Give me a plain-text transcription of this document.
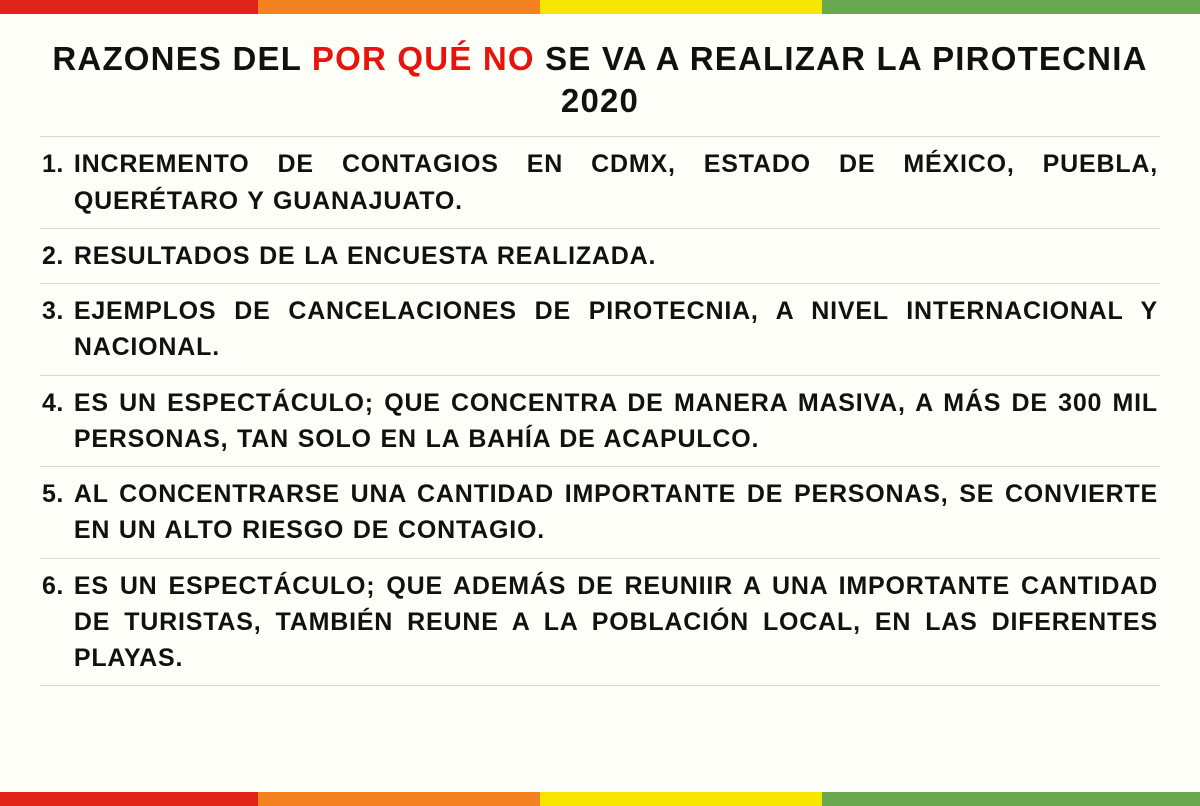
RAZONES DEL POR QUÉ NO SE VA A REALIZAR LA PIROTECNIA 2020
1. INCREMENTO DE CONTAGIOS EN CDMX, ESTADO DE MÉXICO, PUEBLA, QUERÉTARO Y GUANAJUATO.
2. RESULTADOS DE LA ENCUESTA REALIZADA.
3. EJEMPLOS DE CANCELACIONES DE PIROTECNIA, A NIVEL INTERNACIONAL Y NACIONAL.
4. ES UN ESPECTÁCULO; QUE CONCENTRA DE MANERA MASIVA, A MÁS DE 300 MIL PERSONAS, TAN SOLO EN LA BAHÍA DE ACAPULCO.
5. AL CONCENTRARSE UNA CANTIDAD IMPORTANTE DE PERSONAS, SE CONVIERTE EN UN ALTO RIESGO DE CONTAGIO.
6. ES UN ESPECTÁCULO; QUE ADEMÁS DE REUNIIR A UNA IMPORTANTE CANTIDAD DE TURISTAS, TAMBIÉN REUNE A LA POBLACIÓN LOCAL, EN LAS DIFERENTES PLAYAS.
